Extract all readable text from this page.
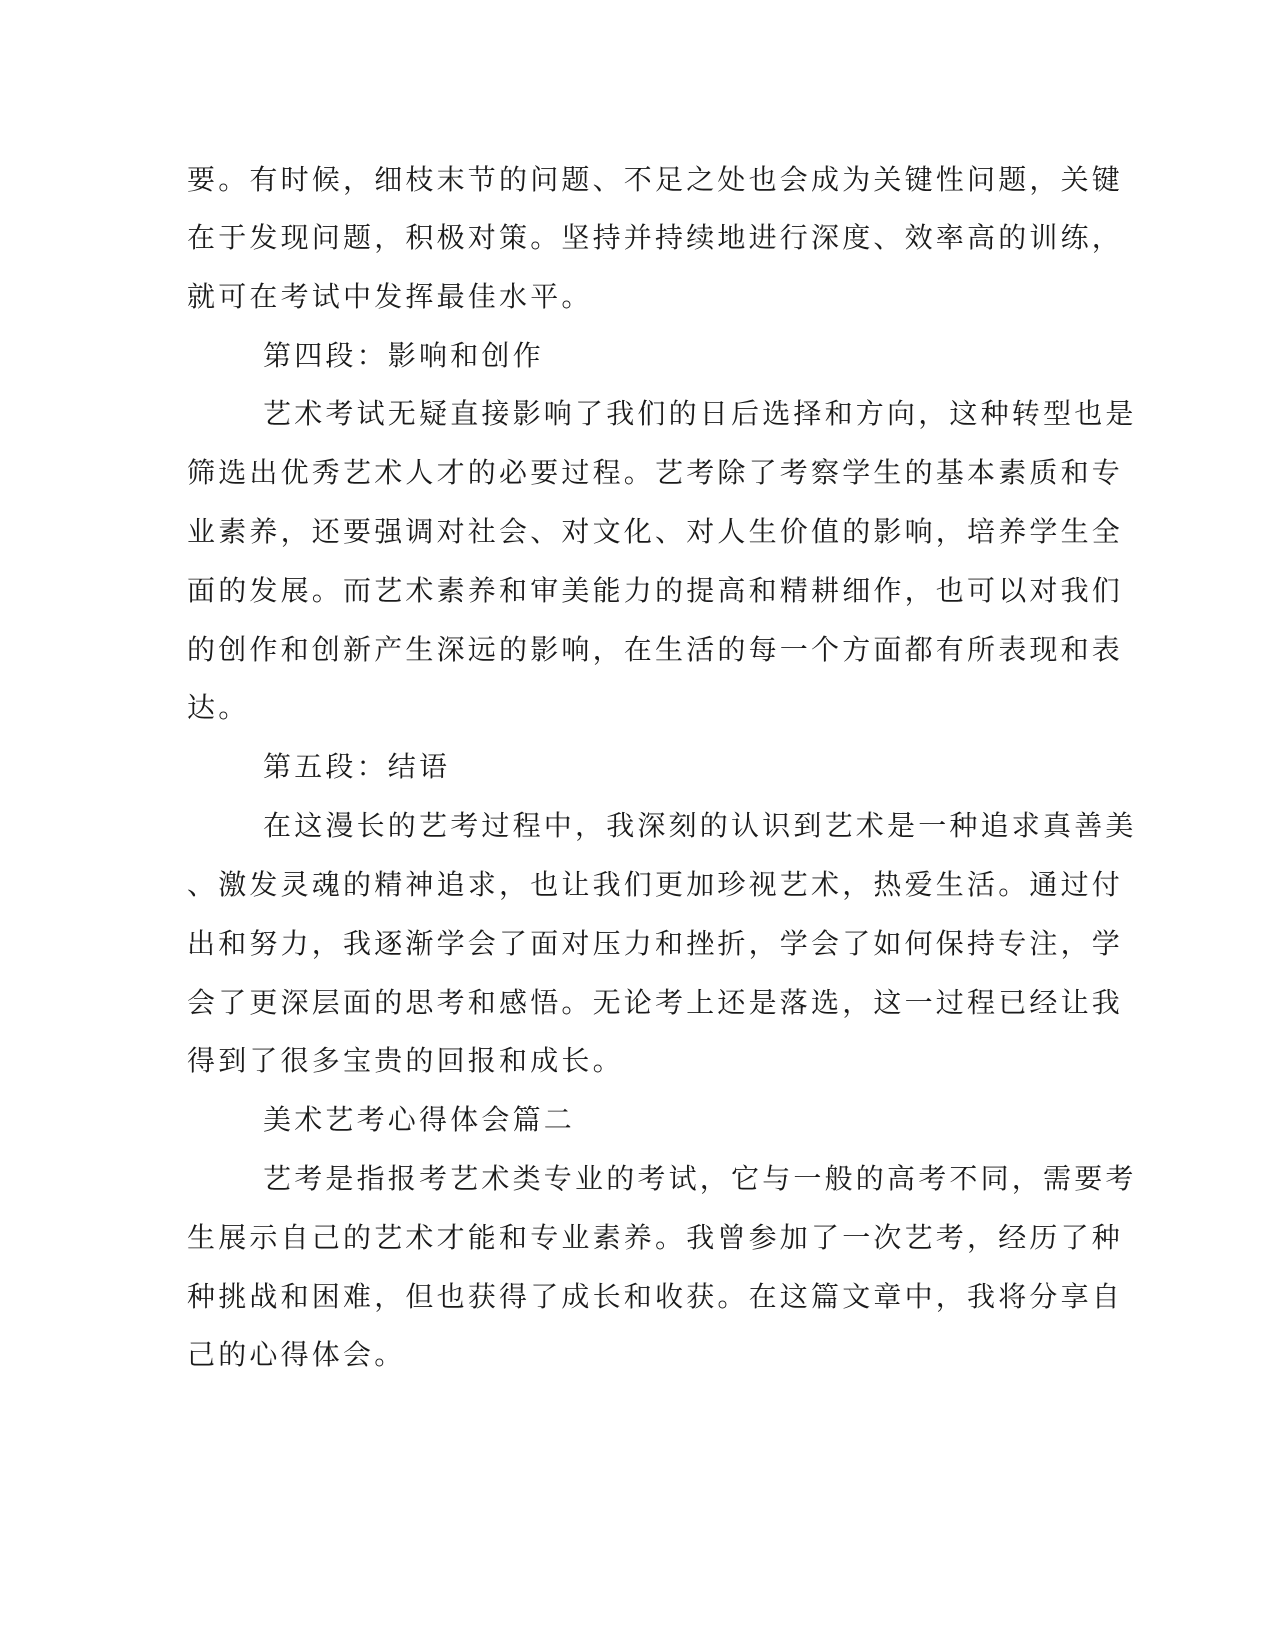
要。有时候，细枝末节的问题、不足之处也会成为关键性问题，关键
在于发现问题，积极对策。坚持并持续地进行深度、效率高的训练，
就可在考试中发挥最佳水平。
第四段：影响和创作
艺术考试无疑直接影响了我们的日后选择和方向，这种转型也是
筛选出优秀艺术人才的必要过程。艺考除了考察学生的基本素质和专
业素养，还要强调对社会、对文化、对人生价值的影响，培养学生全
面的发展。而艺术素养和审美能力的提高和精耕细作，也可以对我们
的创作和创新产生深远的影响，在生活的每一个方面都有所表现和表
达。
第五段：结语
在这漫长的艺考过程中，我深刻的认识到艺术是一种追求真善美
、激发灵魂的精神追求，也让我们更加珍视艺术，热爱生活。通过付
出和努力，我逐渐学会了面对压力和挫折，学会了如何保持专注，学
会了更深层面的思考和感悟。无论考上还是落选，这一过程已经让我
得到了很多宝贵的回报和成长。
美术艺考心得体会篇二
艺考是指报考艺术类专业的考试，它与一般的高考不同，需要考
生展示自己的艺术才能和专业素养。我曾参加了一次艺考，经历了种
种挑战和困难，但也获得了成长和收获。在这篇文章中，我将分享自
己的心得体会。
